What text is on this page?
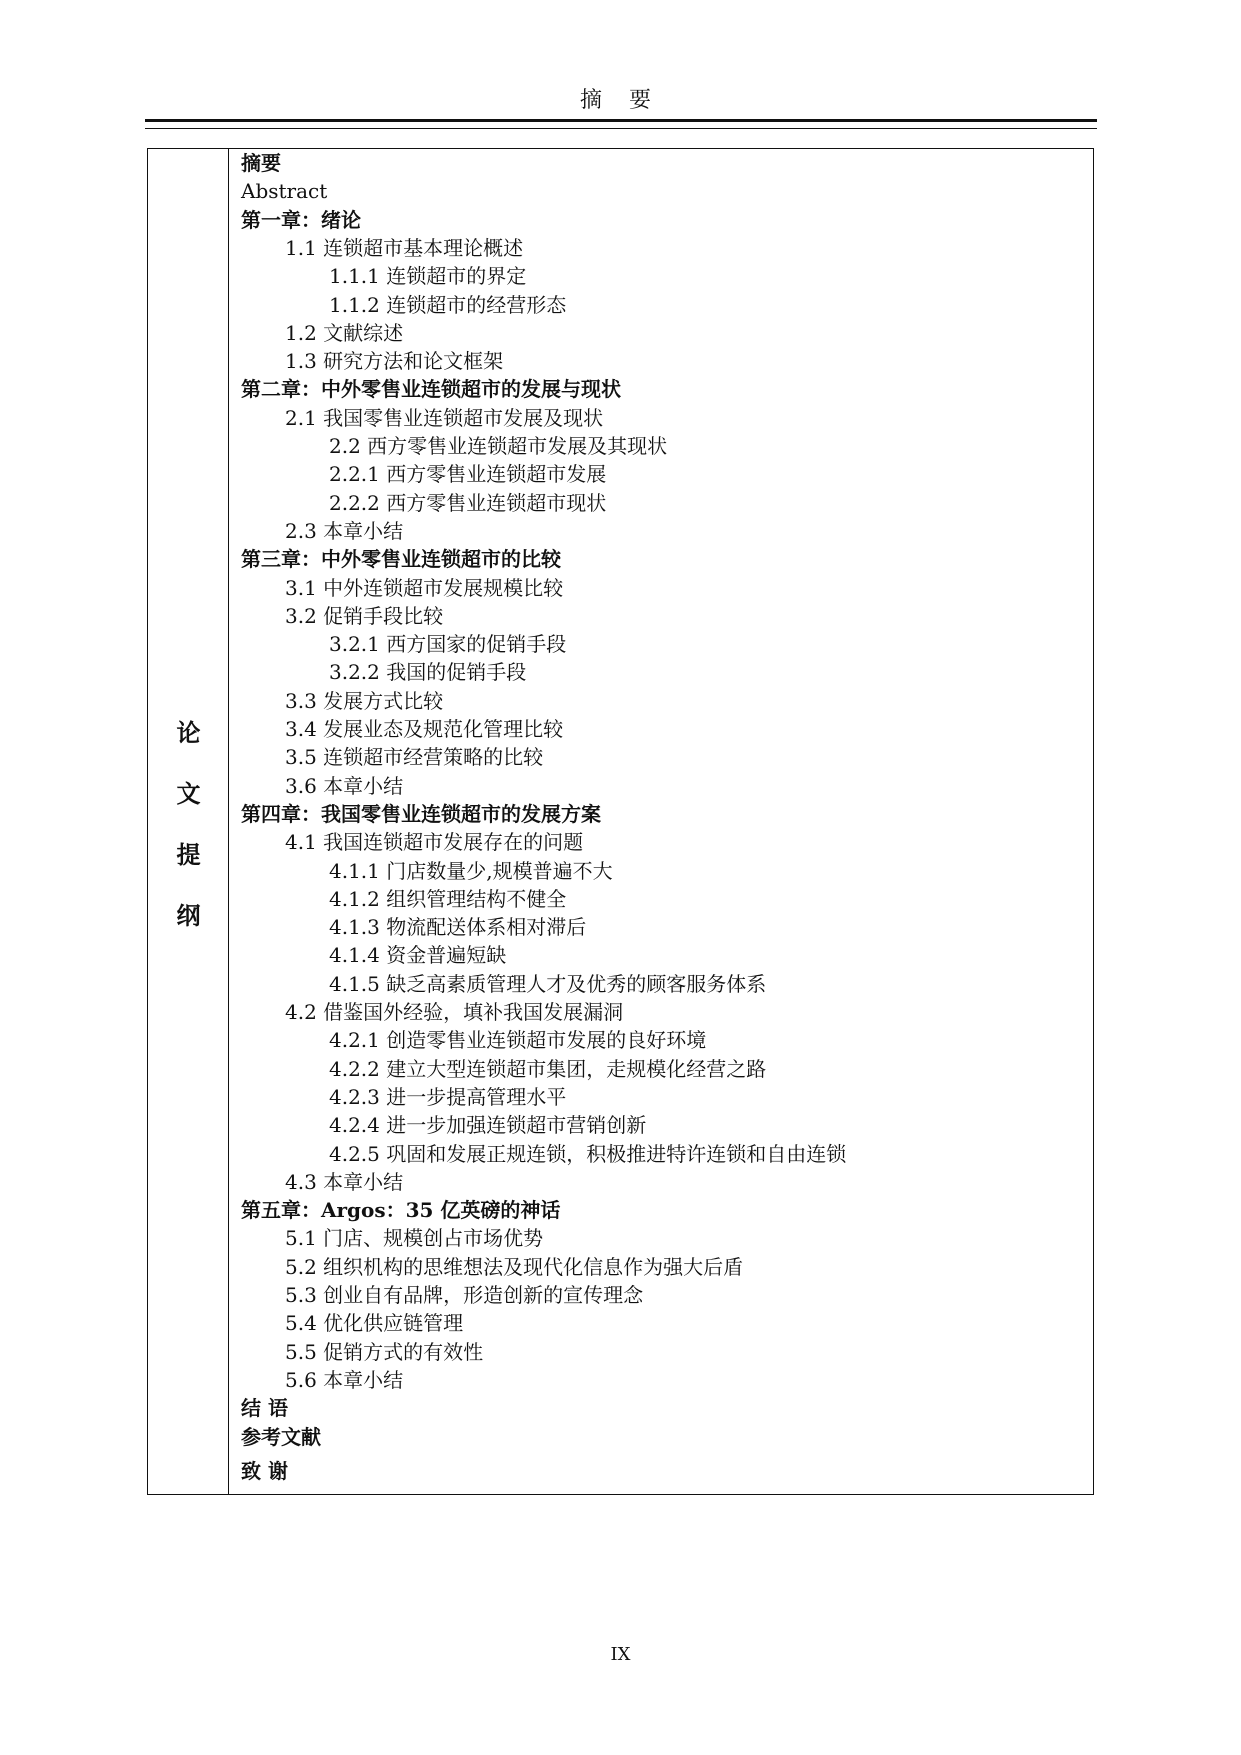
摘 要
论
文
提
纲
摘要
Abstract
第一章：绪论
1.1 连锁超市基本理论概述
1.1.1 连锁超市的界定
1.1.2 连锁超市的经营形态
1.2 文献综述
1.3 研究方法和论文框架
第二章：中外零售业连锁超市的发展与现状
2.1 我国零售业连锁超市发展及现状
2.2 西方零售业连锁超市发展及其现状
2.2.1 西方零售业连锁超市发展
2.2.2 西方零售业连锁超市现状
2.3 本章小结
第三章：中外零售业连锁超市的比较
3.1 中外连锁超市发展规模比较
3.2 促销手段比较
3.2.1 西方国家的促销手段
3.2.2 我国的促销手段
3.3 发展方式比较
3.4 发展业态及规范化管理比较
3.5 连锁超市经营策略的比较
3.6 本章小结
第四章：我国零售业连锁超市的发展方案
4.1 我国连锁超市发展存在的问题
4.1.1 门店数量少,规模普遍不大
4.1.2 组织管理结构不健全
4.1.3 物流配送体系相对滞后
4.1.4 资金普遍短缺
4.1.5 缺乏高素质管理人才及优秀的顾客服务体系
4.2 借鉴国外经验，填补我国发展漏洞
4.2.1 创造零售业连锁超市发展的良好环境
4.2.2 建立大型连锁超市集团，走规模化经营之路
4.2.3 进一步提高管理水平
4.2.4 进一步加强连锁超市营销创新
4.2.5 巩固和发展正规连锁，积极推进特许连锁和自由连锁
4.3 本章小结
第五章：Argos：35 亿英磅的神话
5.1 门店、规模创占市场优势
5.2 组织机构的思维想法及现代化信息作为强大后盾
5.3 创业自有品牌，形造创新的宣传理念
5.4 优化供应链管理
5.5 促销方式的有效性
5.6 本章小结
结 语
参考文献
致 谢
IX
